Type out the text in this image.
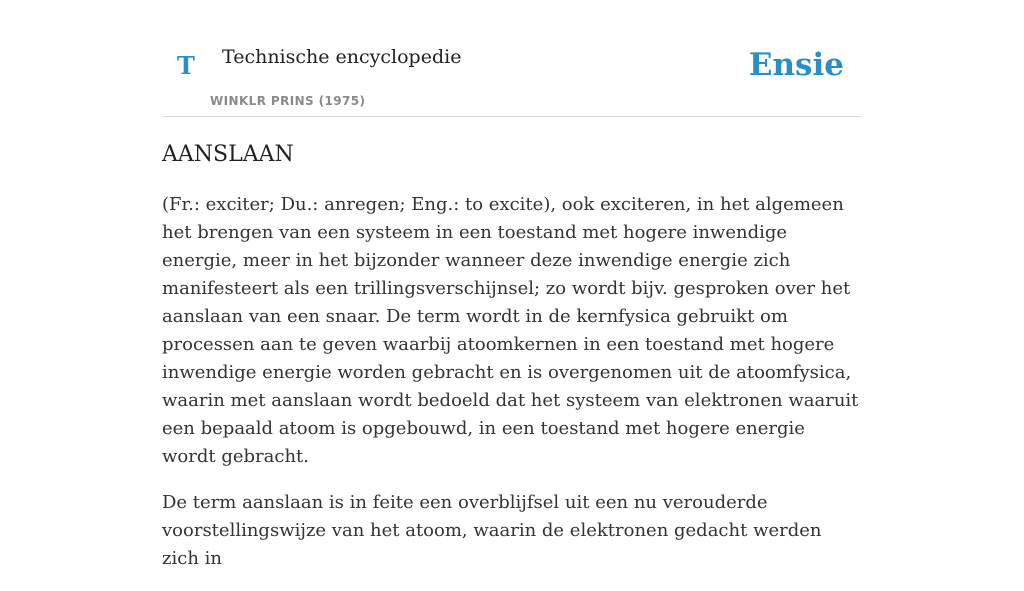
T Technische encyclopedie
WINKLR PRINS (1975)
Ensie
AANSLAAN

(Fr.: exciter; Du.: anregen; Eng.: to excite), ook exciteren, in het algemeen het brengen van een systeem in een toestand met hogere inwendige energie, meer in het bijzonder wanneer deze inwendige energie zich manifesteert als een trillingsverschijnsel; zo wordt bijv. gesproken over het aanslaan van een snaar. De term wordt in de kernfysica gebruikt om processen aan te geven waarbij atoomkernen in een toestand met hogere inwendige energie worden gebracht en is overgenomen uit de atoomfysica, waarin met aanslaan wordt bedoeld dat het systeem van elektronen waaruit een bepaald atoom is opgebouwd, in een toestand met hogere energie wordt gebracht.

De term aanslaan is in feite een overblijfsel uit een nu verouderde voorstellingswijze van het atoom, waarin de elektronen gedacht werden zich in
